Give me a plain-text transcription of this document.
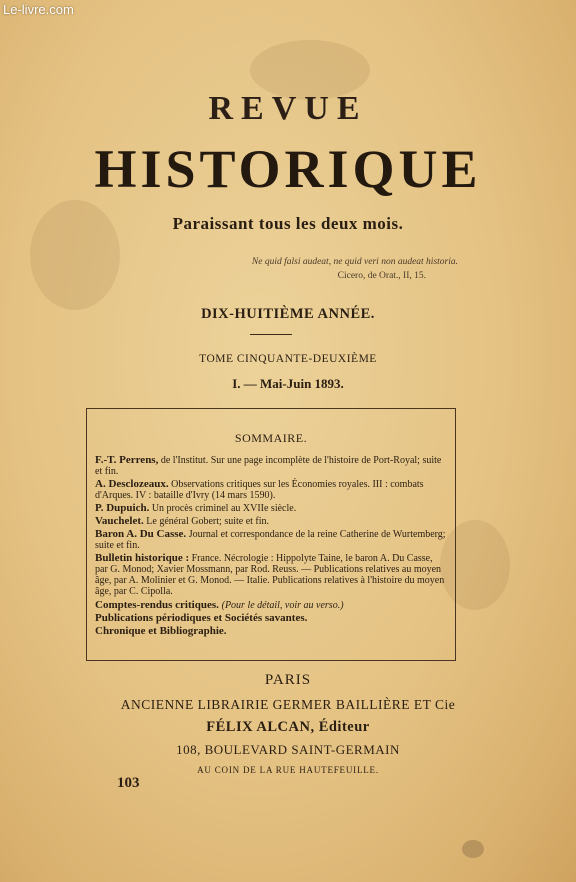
Le-livre.com
REVUE
HISTORIQUE
Paraissant tous les deux mois.
Ne quid falsi audeat, ne quid veri non audeat historia.
Cicero, de Orat., II, 15.
DIX-HUITIÈME ANNÉE.
TOME CINQUANTE-DEUXIÈME
I. — Mai-Juin 1893.
SOMMAIRE.
F.-T. Perrens, de l'Institut. Sur une page incomplète de l'histoire de Port-Royal; suite et fin.
A. Desclozeaux. Observations critiques sur les Économies royales. III : combats d'Arques. IV : bataille d'Ivry (14 mars 1590).
P. Dupuich. Un procès criminel au XVIIe siècle.
Vauchelet. Le général Gobert; suite et fin.
Baron A. Du Casse. Journal et correspondance de la reine Catherine de Wurtemberg; suite et fin.
Bulletin historique : France. Nécrologie : Hippolyte Taine, le baron A. Du Casse, par G. Monod; Xavier Mossmann, par Rod. Reuss. — Publications relatives au moyen âge, par A. Molinier et G. Monod. — Italie. Publications relatives à l'histoire du moyen âge, par C. Cipolla.
Comptes-rendus critiques. (Pour le détail, voir au verso.)
Publications périodiques et Sociétés savantes.
Chronique et Bibliographie.
PARIS
ANCIENNE LIBRAIRIE GERMER BAILLIÈRE ET Cie
FÉLIX ALCAN, Éditeur
108, BOULEVARD SAINT-GERMAIN
AU COIN DE LA RUE HAUTEFEUILLE.
103
